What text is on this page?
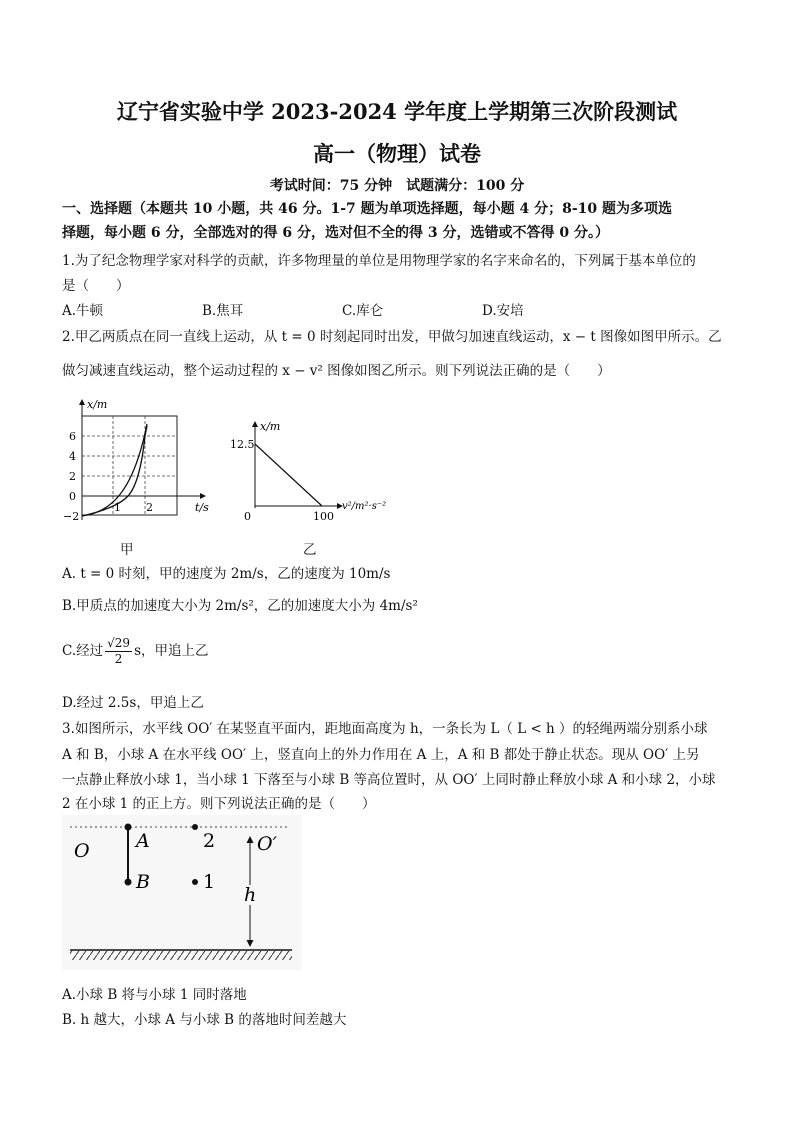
辽宁省实验中学 2023-2024 学年度上学期第三次阶段测试
高一（物理）试卷
考试时间：75 分钟　试题满分：100 分
一、选择题（本题共 10 小题，共 46 分。1-7 题为单项选择题，每小题 4 分；8-10 题为多项选
择题，每小题 6 分，全部选对的得 6 分，选对但不全的得 3 分，选错或不答得 0 分。）
1.为了纪念物理学家对科学的贡献，许多物理量的单位是用物理学家的名字来命名的，下列属于基本单位的
是（　　）
A.牛顿	B.焦耳	C.库仑	D.安培
2.甲乙两质点在同一直线上运动，从 t = 0 时刻起同时出发，甲做匀加速直线运动，x − t 图像如图甲所示。乙
做匀减速直线运动，整个运动过程的 x − v² 图像如图乙所示。则下列说法正确的是（　　）
x/m
t/s
6
4
2
0
−2
1 2
甲
x/m
v²/m²·s⁻²
12.5
0	100
乙
A. t = 0 时刻，甲的速度为 2m/s，乙的速度为 10m/s
B.甲质点的加速度大小为 2m/s²，乙的加速度大小为 4m/s²
C.经过 $\frac{√29}{2}$ s，甲追上乙
D.经过 2.5s，甲追上乙
3.如图所示，水平线 OO′ 在某竖直平面内，距地面高度为 h，一条长为 L（ L < h ）的轻绳两端分别系小球
A 和 B，小球 A 在水平线 OO′ 上，竖直向上的外力作用在 A 上，A 和 B 都处于静止状态。现从 OO′ 上另
一点静止释放小球 1，当小球 1 下落至与小球 B 等高位置时，从 OO′ 上同时静止释放小球 A 和小球 2，小球
2 在小球 1 的正上方。则下列说法正确的是（　　）
O A
B
2
1
O′
h
A.小球 B 将与小球 1 同时落地
B. h 越大，小球 A 与小球 B 的落地时间差越大
